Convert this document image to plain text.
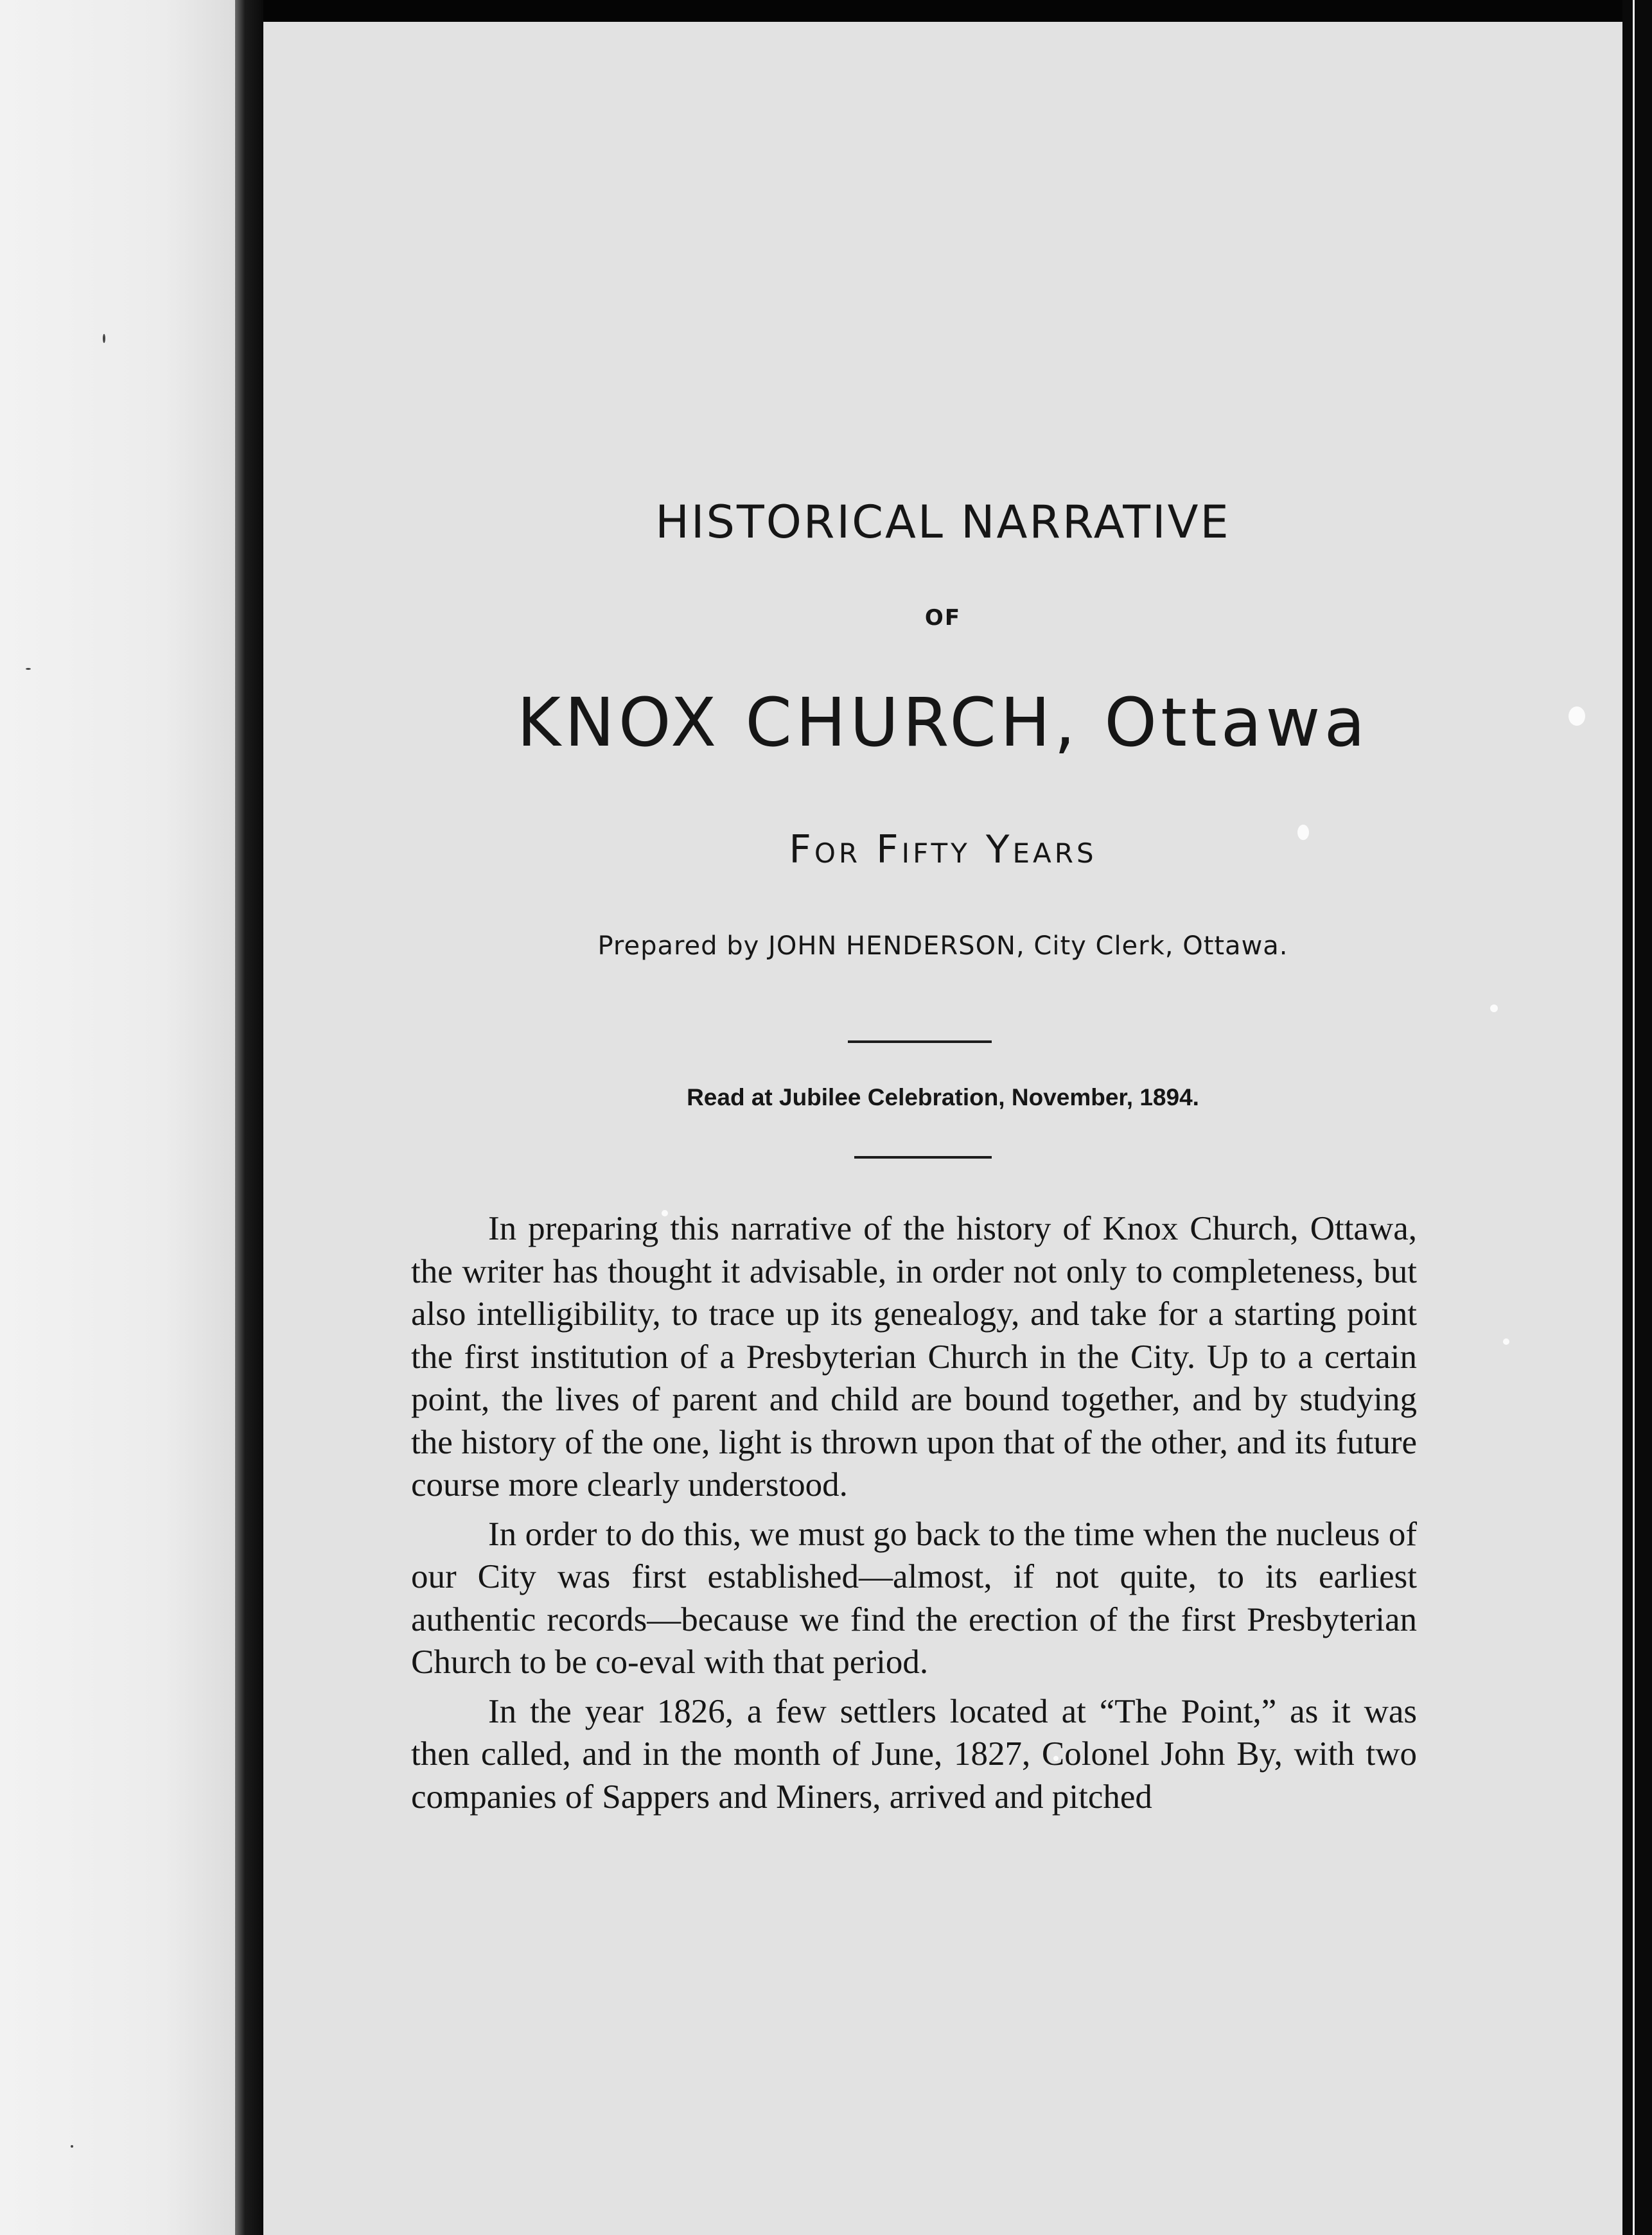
HISTORICAL NARRATIVE
OF
KNOX CHURCH, Ottawa
For Fifty Years
Prepared by JOHN HENDERSON, City Clerk, Ottawa.
Read at Jubilee Celebration, November, 1894.

In preparing this narrative of the history of Knox Church, Ottawa, the writer has thought it advisable, in order not only to completeness, but also intelligibility, to trace up its genealogy, and take for a starting point the first institution of a Presbyterian Church in the City. Up to a certain point, the lives of parent and child are bound together, and by studying the history of the one, light is thrown upon that of the other, and its future course more clearly understood.

In order to do this, we must go back to the time when the nucleus of our City was first established—almost, if not quite, to its earliest authentic records—because we find the erection of the first Presbyterian Church to be co-eval with that period.

In the year 1826, a few settlers located at “The Point,” as it was then called, and in the month of June, 1827, Colonel John By, with two companies of Sappers and Miners, arrived and pitched
